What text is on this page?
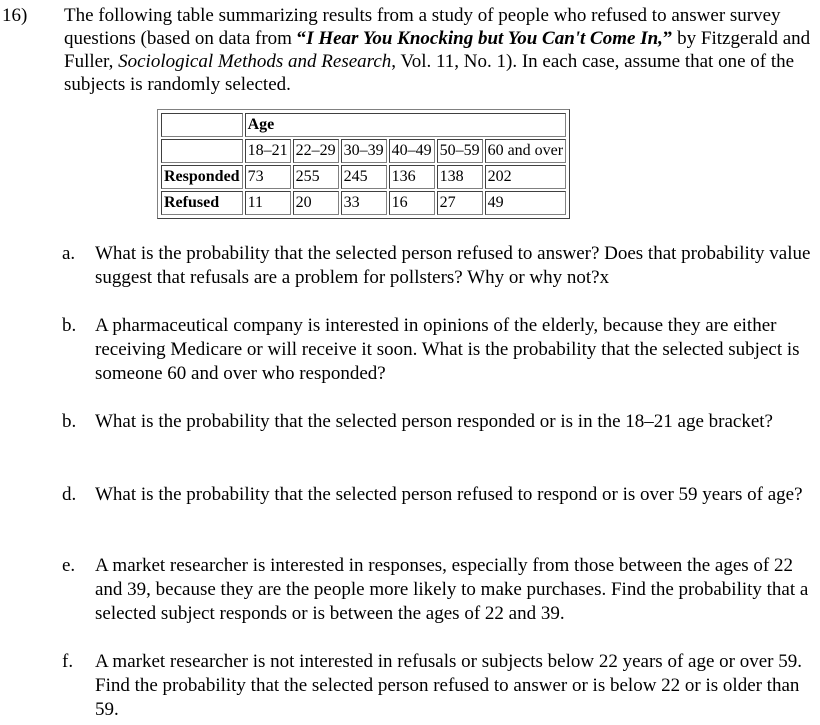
16) The following table summarizing results from a study of people who refused to answer survey questions (based on data from “I Hear You Knocking but You Can't Come In,” by Fitzgerald and Fuller, Sociological Methods and Research, Vol. 11, No. 1). In each case, assume that one of the subjects is randomly selected.
	Age					
	18–21	22–29	30–39	40–49	50–59	60 and over
Responded	73	255	245	136	138	202
Refused	11	20	33	16	27	49
a.	What is the probability that the selected person refused to answer? Does that probability value suggest that refusals are a problem for pollsters? Why or why not?x
b. A pharmaceutical company is interested in opinions of the elderly, because they are either receiving Medicare or will receive it soon. What is the probability that the selected subject is someone 60 and over who responded?
b. What is the probability that the selected person responded or is in the 18–21 age bracket?
d. What is the probability that the selected person refused to respond or is over 59 years of age?
e.	A market researcher is interested in responses, especially from those between the ages of 22 and 39, because they are the people more likely to make purchases. Find the probability that a selected subject responds or is between the ages of 22 and 39.
f.	A market researcher is not interested in refusals or subjects below 22 years of age or over 59. Find the probability that the selected person refused to answer or is below 22 or is older than 59.
